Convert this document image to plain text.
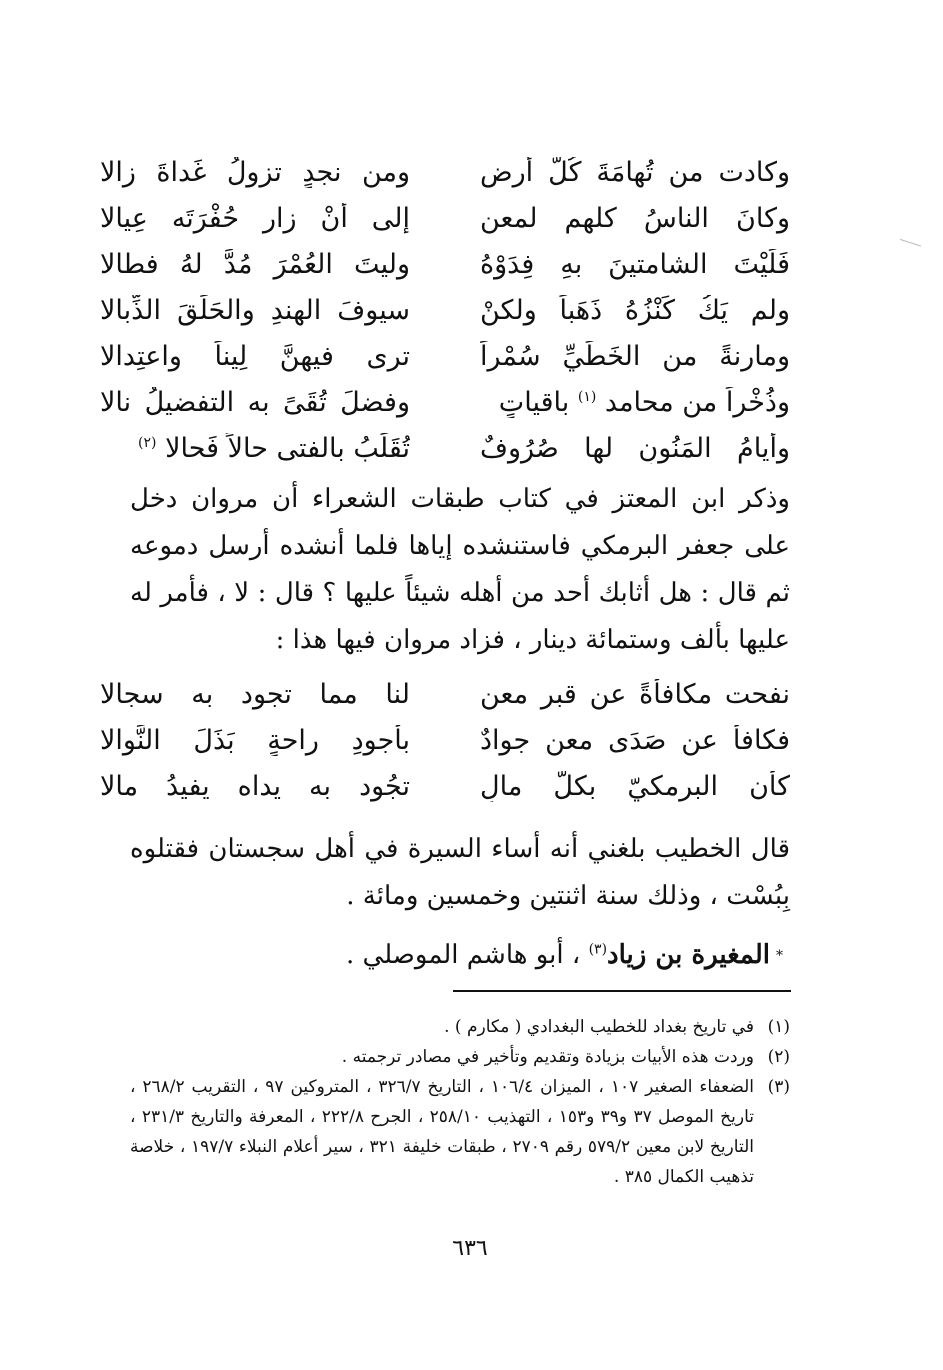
وكادت من تُهامَةَ كُلُّ أرضٍ
ومن نجدٍ تزولُ غَداةَ زالا
وكانَ الناسُ كلهم لمعنٍ
إلى أنْ زار حُفْرَتَه عِيالا
فَلَيْتَ الشامتينَ بهِ فِدَوْهُ
وليتَ العُمْرَ مُدَّ لهُ فطالا
ولم يَكُ كَنْزُهُ ذَهَباً ولكنْ
سيوفَ الهندِ والحَلَقَ الذِّبالا
ومارنةً من الخَطِّيِّ سُمْراً
ترى فيهنَّ لِيناً واعتِدالا
وذُخْراً من محامد $^{(١)}$ باقياتٍ
وفضلَ تُقَىً به التفضيلُ نالا
وأيامُ المَنُونِ لها صُرُوفٌ
تُقَلِّبُ بالفتى حالاً فَحالا $^{(٢)}$

وذكر ابن المعتز في كتاب طبقات الشعراء أن مروان دخل على جعفر البرمكي فاستنشده إياها فلما أنشده أرسل دموعه ثم قال : هل أثابك أحد من أهله شيئاً عليها ؟ قال : لا ، فأمر له عليها بألف وستمائة دينار ، فزاد مروان فيها هذا :

نفحت مكافأةً عن قبرِ معنٍ
لنا مما تجود به سجالا
فكافأ عن صَدَى معنٍ جوادٌ
بأجودِ راحةٍ بَذَلَ النَّوالا
كأن البرمكيّ بكلّ مالٍ
تجُود به يداه يفيدُ مالا

قال الخطيب بلغني أنه أساء السيرة في أهل سجستان فقتلوه بِبُسْت ، وذلك سنة اثنتين وخمسين ومائة .

*المغيرة بن زياد$^{(٣)}$ ، أبو هاشم الموصلي .
(١)
في تاريخ بغداد للخطيب البغدادي ( مكارم ) .
(٢)
وردت هذه الأبيات بزيادة وتقديم وتأخير في مصادر ترجمته .
(٣)
الضعفاء الصغير ١٠٧ ، الميزان ١٠٦/٤ ، التاريخ ٣٢٦/٧ ، المتروكين ٩٧ ، التقريب ٢٦٨/٢ ، تاريخ الموصل ٣٧ و٣٩ و١٥٣ ، التهذيب ٢٥٨/١٠ ، الجرح ٢٢٢/٨ ، المعرفة والتاريخ ٢٣١/٣ ، التاريخ لابن معين ٥٧٩/٢ رقم ٢٧٠٩ ، طبقات خليفة ٣٢١ ، سير أعلام النبلاء ١٩٧/٧ ، خلاصة تذهيب الكمال ٣٨٥ .
٦٣٦
